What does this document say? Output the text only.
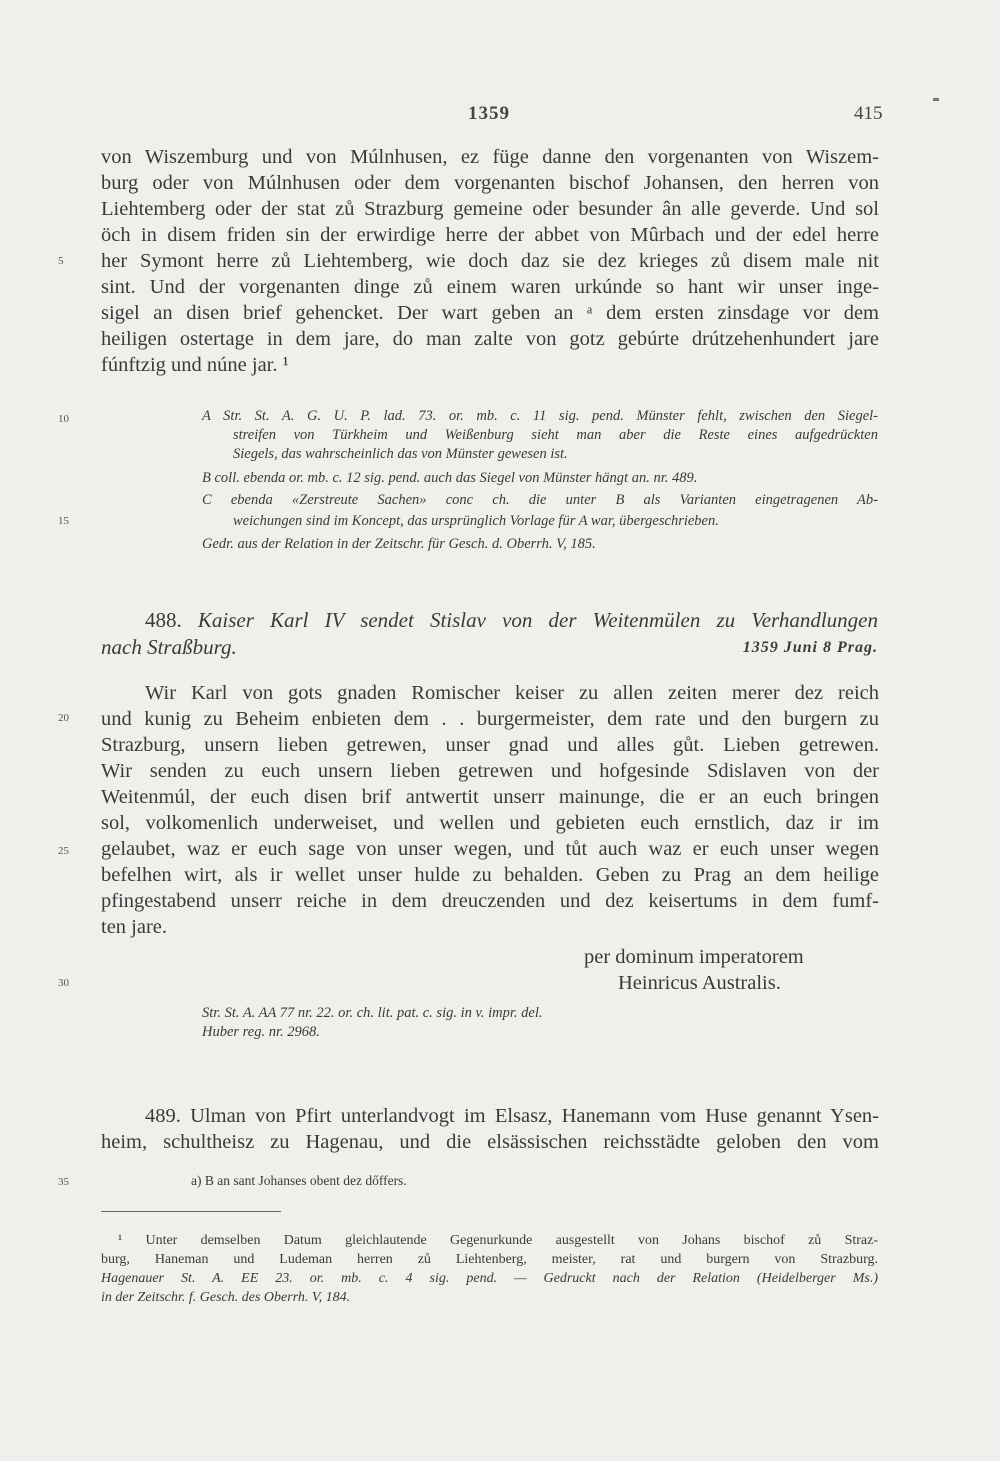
1359	415
5
10
15
20
25
30
35
von Wiszemburg und von Múlnhusen, ez füge danne den vorgenanten von Wiszem-
burg oder von Múlnhusen oder dem vorgenanten bischof Johansen, den herren von
Liehtemberg oder der stat zů Strazburg gemeine oder besunder ân alle geverde. Und sol
öch in disem friden sin der erwirdige herre der abbet von Mûrbach und der edel herre
her Symont herre zů Liehtemberg, wie doch daz sie dez krieges zů disem male nit
sint. Und der vorgenanten dinge zů einem waren urkúnde so hant wir unser inge-
sigel an disen brief gehencket. Der wart geben an ᵃ dem ersten zinsdage vor dem
heiligen ostertage in dem jare, do man zalte von gotz gebúrte drútzehenhundert jare
fúnftzig und núne jar. ¹
A Str. St. A. G. U. P. lad. 73. or. mb. c. 11 sig. pend. Münster fehlt, zwischen den Siegel-
streifen von Türkheim und Weißenburg sieht man aber die Reste eines aufgedrückten
Siegels, das wahrscheinlich das von Münster gewesen ist.
B coll. ebenda or. mb. c. 12 sig. pend. auch das Siegel von Münster hängt an. nr. 489.
C ebenda «Zerstreute Sachen» conc ch. die unter B als Varianten eingetragenen Ab-
weichungen sind im Koncept, das ursprünglich Vorlage für A war, übergeschrieben.
Gedr. aus der Relation in der Zeitschr. für Gesch. d. Oberrh. V, 185.
488. Kaiser Karl IV sendet Stislav von der Weitenmülen zu Verhandlungen
nach Straßburg.	1359 Juni 8 Prag.
Wir Karl von gots gnaden Romischer keiser zu allen zeiten merer dez reich
und kunig zu Beheim enbieten dem . . burgermeister, dem rate und den burgern zu
Strazburg, unsern lieben getrewen, unser gnad und alles gůt. Lieben getrewen.
Wir senden zu euch unsern lieben getrewen und hofgesinde Sdislaven von der
Weitenmúl, der euch disen brif antwertit unserr mainunge, die er an euch bringen
sol, volkomenlich underweiset, und wellen und gebieten euch ernstlich, daz ir im
gelaubet, waz er euch sage von unser wegen, und tůt auch waz er euch unser wegen
befelhen wirt, als ir wellet unser hulde zu behalden. Geben zu Prag an dem heilige
pfingestabend unserr reiche in dem dreuczenden und dez keisertums in dem fumf-
ten jare.
per dominum imperatorem
Heinricus Australis.
Str. St. A. AA 77 nr. 22. or. ch. lit. pat. c. sig. in v. impr. del.
Huber reg. nr. 2968.
489. Ulman von Pfirt unterlandvogt im Elsasz, Hanemann vom Huse genannt Ysen-
heim, schultheisz zu Hagenau, und die elsässischen reichsstädte geloben den vom
a) B an sant Johanses obent dez dőffers.
¹ Unter demselben Datum gleichlautende Gegenurkunde ausgestellt von Johans bischof zů Straz-
burg, Haneman und Ludeman herren zů Liehtenberg, meister, rat und burgern von Strazburg.
Hagenauer St. A. EE 23. or. mb. c. 4 sig. pend. — Gedruckt nach der Relation (Heidelberger Ms.)
in der Zeitschr. f. Gesch. des Oberrh. V, 184.
